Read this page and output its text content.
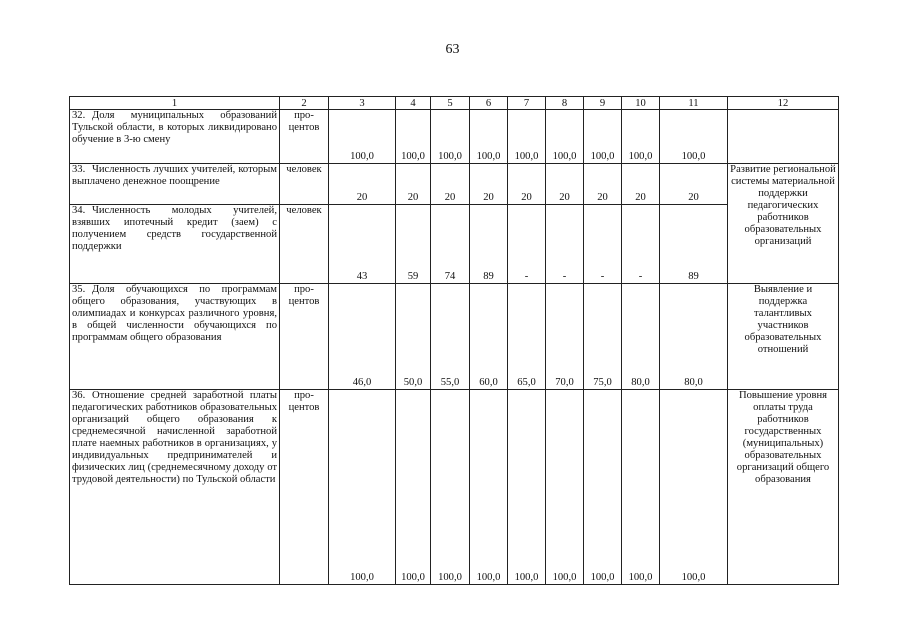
63
1	2	3	4	5	6	7	8	9	10	11	12
32. Доля муниципальных образований Тульской области, в которых ликвидировано обучение в 3-ю смену	про-центов	100,0	100,0	100,0	100,0	100,0	100,0	100,0	100,0	100,0	
33. Численность лучших учителей, которым выплачено денежное поощрение	человек	20	20	20	20	20	20	20	20	20	Развитие региональной системы материальной поддержки педагогических работников образовательных организаций
34. Численность молодых учителей, взявших ипотечный кредит (заем) с получением средств государственной поддержки	человек	43	59	74	89	-	-	-	-	89	
35. Доля обучающихся по программам общего образования, участвующих в олимпиадах и конкурсах различного уровня, в общей численности обучающихся по программам общего образования	про-центов	46,0	50,0	55,0	60,0	65,0	70,0	75,0	80,0	80,0	Выявление и поддержка талантливых участников образовательных отношений
36. Отношение средней заработной платы педагогических работников образовательных организаций общего образования к среднемесячной начисленной заработной плате наемных работников в организациях, у индивидуальных предпринимателей и физических лиц (среднемесячному доходу от трудовой деятельности) по Тульской области	про-центов	100,0	100,0	100,0	100,0	100,0	100,0	100,0	100,0	100,0	Повышение уровня оплаты труда работников государственных (муниципальных) образовательных организаций общего образования
